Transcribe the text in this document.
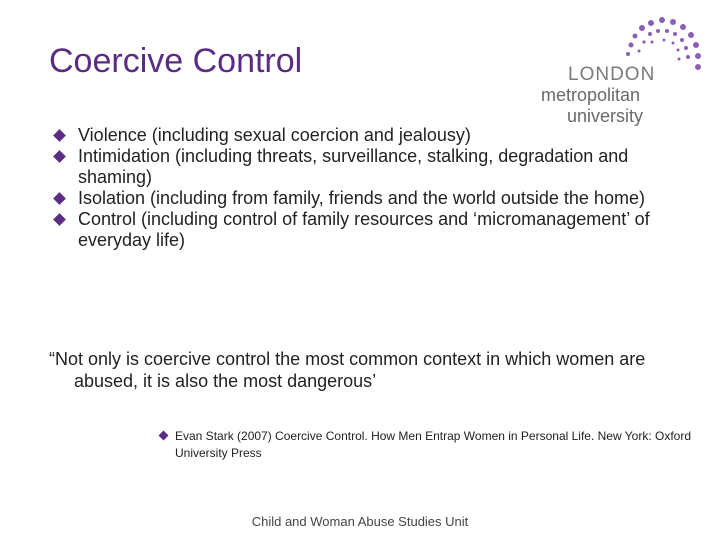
Coercive Control	LONDON
metropolitan
university
Violence (including sexual coercion and jealousy)
Intimidation (including threats, surveillance, stalking, degradation and shaming)
Isolation (including from family, friends and the world outside the home)
Control (including control of family resources and ‘micromanagement’ of everyday life)
“Not only is coercive control the most common context in which women are abused, it is also the most dangerous’
Evan Stark (2007) Coercive Control. How Men Entrap Women in Personal Life. New York: Oxford University Press
Child and Woman Abuse Studies Unit
